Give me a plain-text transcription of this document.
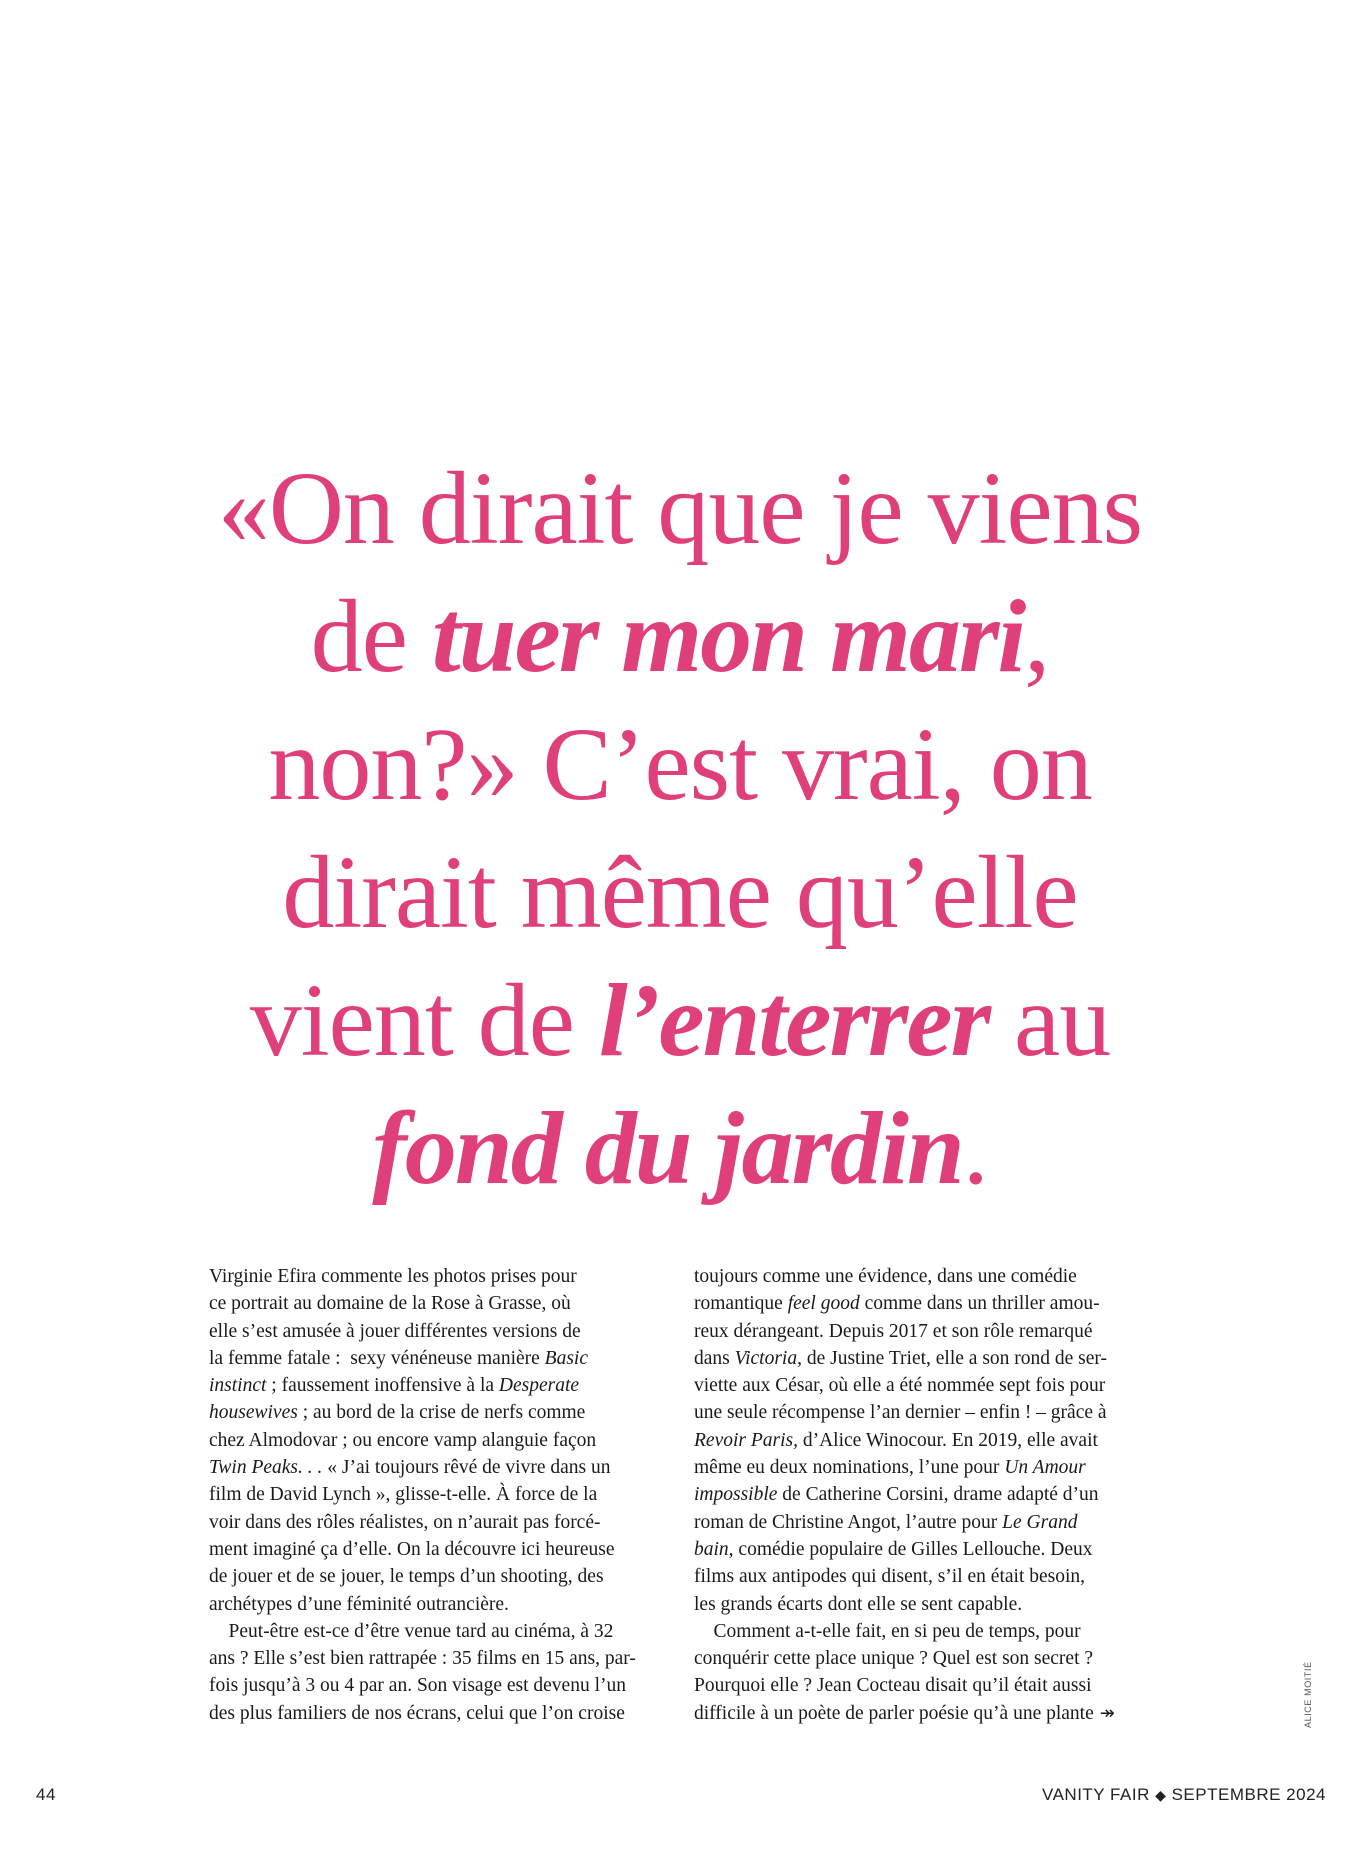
«On dirait que je viens
de tuer mon mari,
non?» C’est vrai, on
dirait même qu’elle
vient de l’enterrer au
fond du jardin.
Virginie Efira commente les photos prises pour
ce portrait au domaine de la Rose à Grasse, où
elle s’est amusée à jouer différentes versions de
la femme fatale :  sexy vénéneuse manière Basic
instinct ; faussement inoffensive à la Desperate
housewives ; au bord de la crise de nerfs comme
chez Almodovar ; ou encore vamp alanguie façon
Twin Peaks. . . « J’ai toujours rêvé de vivre dans un
film de David Lynch », glisse-t-elle. À force de la
voir dans des rôles réalistes, on n’aurait pas forcé-
ment imaginé ça d’elle. On la découvre ici heureuse
de jouer et de se jouer, le temps d’un shooting, des
archétypes d’une féminité outrancière.
Peut-être est-ce d’être venue tard au cinéma, à 32
ans ? Elle s’est bien rattrapée : 35 films en 15 ans, par-
fois jusqu’à 3 ou 4 par an. Son visage est devenu l’un
des plus familiers de nos écrans, celui que l’on croise
toujours comme une évidence, dans une comédie
romantique feel good comme dans un thriller amou-
reux dérangeant. Depuis 2017 et son rôle remarqué
dans Victoria, de Justine Triet, elle a son rond de ser-
viette aux César, où elle a été nommée sept fois pour
une seule récompense l’an dernier – enfin ! – grâce à
Revoir Paris, d’Alice Winocour. En 2019, elle avait
même eu deux nominations, l’une pour Un Amour
impossible de Catherine Corsini, drame adapté d’un
roman de Christine Angot, l’autre pour Le Grand
bain, comédie populaire de Gilles Lellouche. Deux
films aux antipodes qui disent, s’il en était besoin,
les grands écarts dont elle se sent capable.
Comment a-t-elle fait, en si peu de temps, pour
conquérir cette place unique ? Quel est son secret ?
Pourquoi elle ? Jean Cocteau disait qu’il était aussi
difficile à un poète de parler poésie qu’à une plante ↠	ALICE MOITIÉ
44	VANITY FAIR ◆ SEPTEMBRE 2024
